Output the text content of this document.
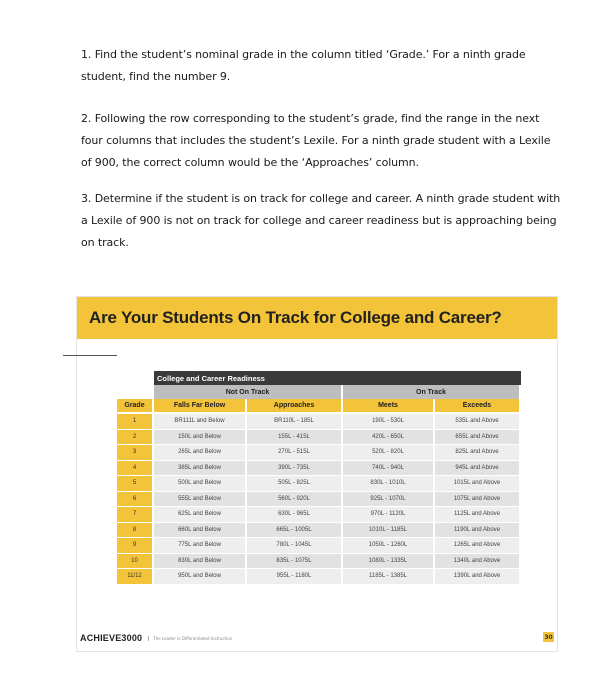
1. Find the student’s nominal grade in the column titled ‘Grade.’ For a ninth grade student, find the number 9.

2. Following the row corresponding to the student’s grade, find the range in the next four columns that includes the student’s Lexile. For a ninth grade student with a Lexile of 900, the correct column would be the ‘Approaches’ column.

3. Determine if the student is on track for college and career. A ninth grade student with a Lexile of 900 is not on track for college and career readiness but is approaching being on track.

Are Your Students On Track for College and Career?
College and Career Readiness
Not On Track	On Track
Grade	Falls Far Below	Approaches	Meets	Exceeds
1	BR111L and Below	BR110L - 185L	190L - 530L	535L and Above
2	150L and Below	155L - 415L	420L - 650L	655L and Above
3	265L and Below	270L - 515L	520L - 820L	825L and Above
4	385L and Below	390L - 735L	740L - 940L	945L and Above
5	500L and Below	505L - 825L	830L - 1010L	1015L and Above
6	555L and Below	560L - 920L	925L - 1070L	1075L and Above
7	625L and Below	630L - 965L	970L - 1120L	1125L and Above
8	660L and Below	665L - 1005L	1010L - 1185L	1190L and Above
9	775L and Below	780L - 1045L	1050L - 1260L	1265L and Above
10	830L and Below	835L - 1075L	1080L - 1335L	1340L and Above
11/12	950L and Below	955L - 1180L	1185L - 1385L	1390L and Above
ACHIEVE3000	The Leader in Differentiated Instruction	30
